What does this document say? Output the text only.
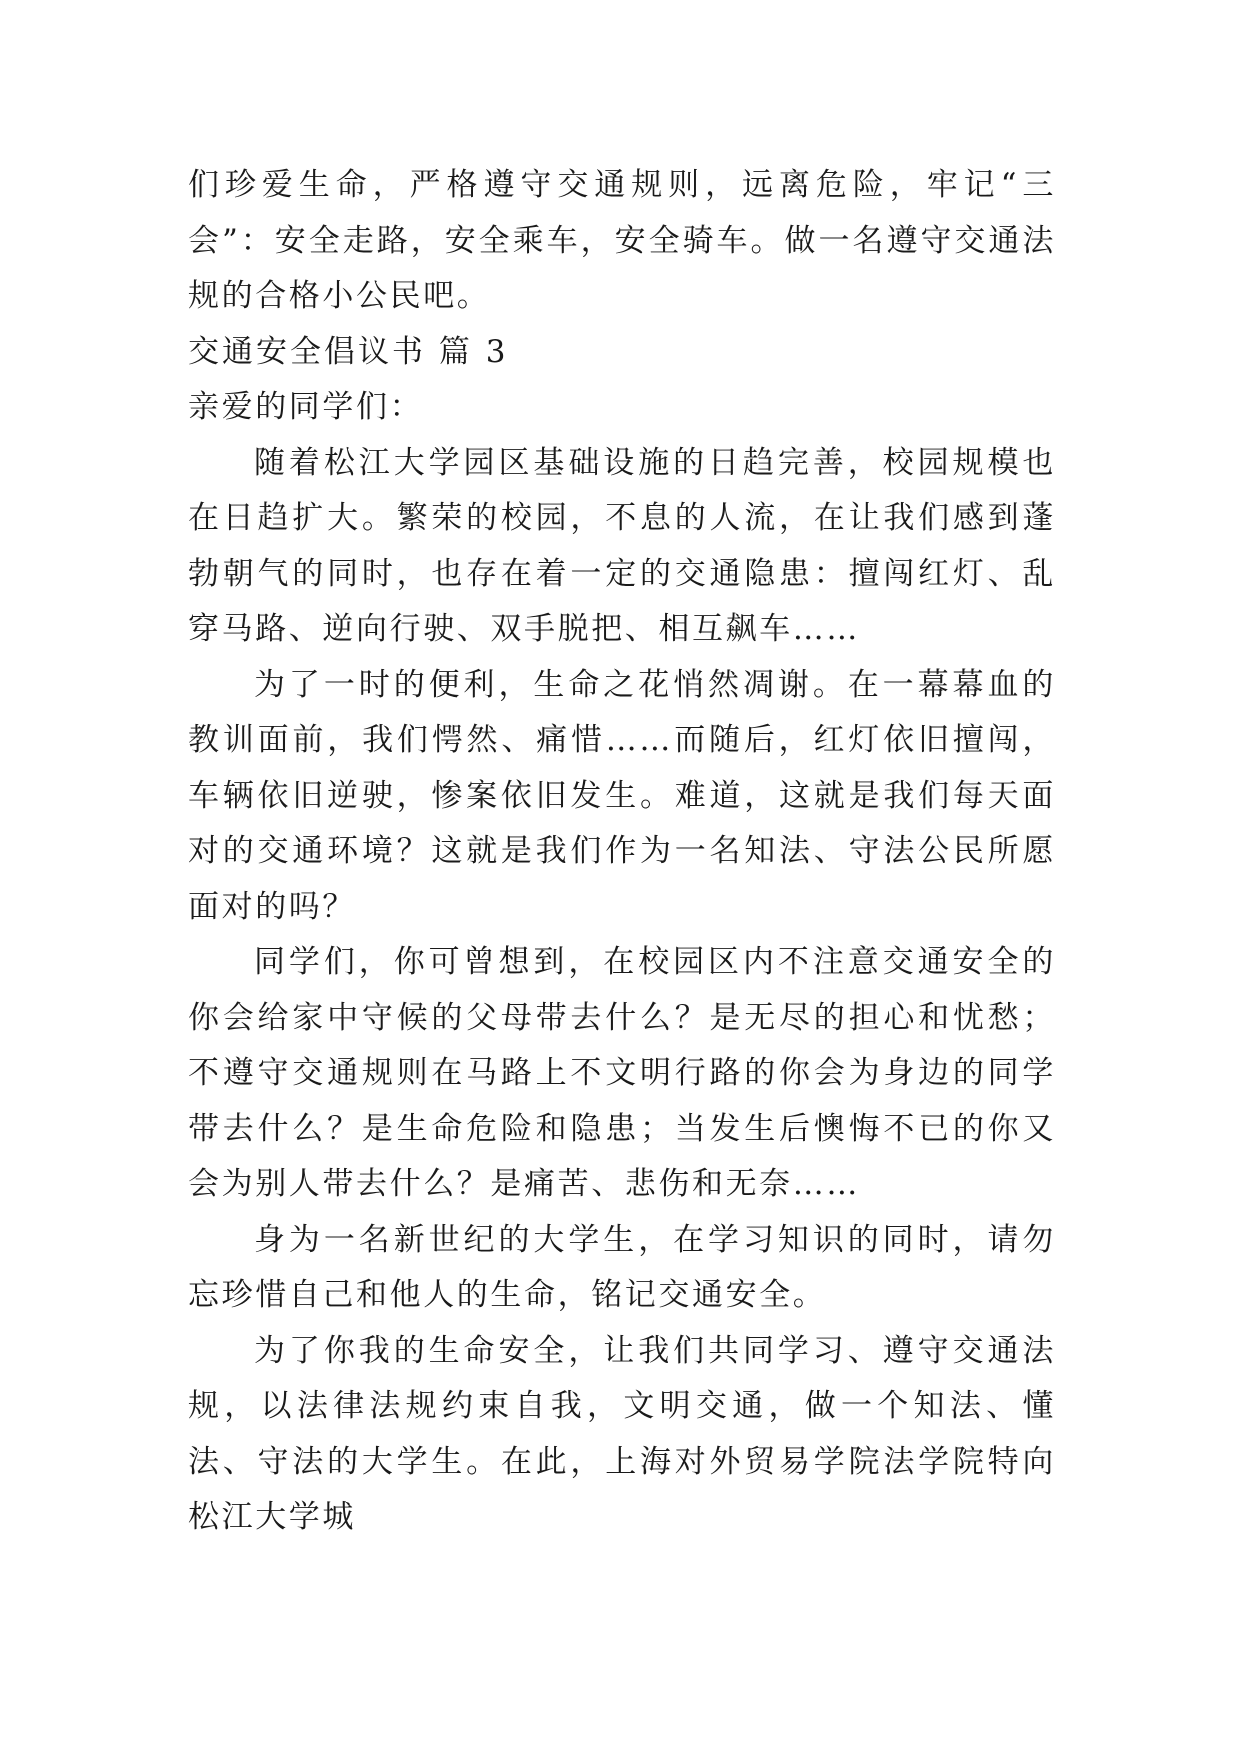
们珍爱生命，严格遵守交通规则，远离危险，牢记“三会”：安全走路，安全乘车，安全骑车。做一名遵守交通法规的合格小公民吧。

交通安全倡议书 篇 3

亲爱的同学们：

随着松江大学园区基础设施的日趋完善，校园规模也在日趋扩大。繁荣的校园，不息的人流，在让我们感到蓬勃朝气的同时，也存在着一定的交通隐患：擅闯红灯、乱穿马路、逆向行驶、双手脱把、相互飙车……

为了一时的便利，生命之花悄然凋谢。在一幕幕血的教训面前，我们愕然、痛惜……而随后，红灯依旧擅闯，车辆依旧逆驶，惨案依旧发生。难道，这就是我们每天面对的交通环境？这就是我们作为一名知法、守法公民所愿面对的吗？

同学们，你可曾想到，在校园区内不注意交通安全的你会给家中守候的父母带去什么？是无尽的担心和忧愁；不遵守交通规则在马路上不文明行路的你会为身边的同学带去什么？是生命危险和隐患；当发生后懊悔不已的你又会为别人带去什么？是痛苦、悲伤和无奈……

身为一名新世纪的大学生，在学习知识的同时，请勿忘珍惜自己和他人的生命，铭记交通安全。

为了你我的生命安全，让我们共同学习、遵守交通法规，以法律法规约束自我，文明交通，做一个知法、懂法、守法的大学生。在此，上海对外贸易学院法学院特向松江大学城
